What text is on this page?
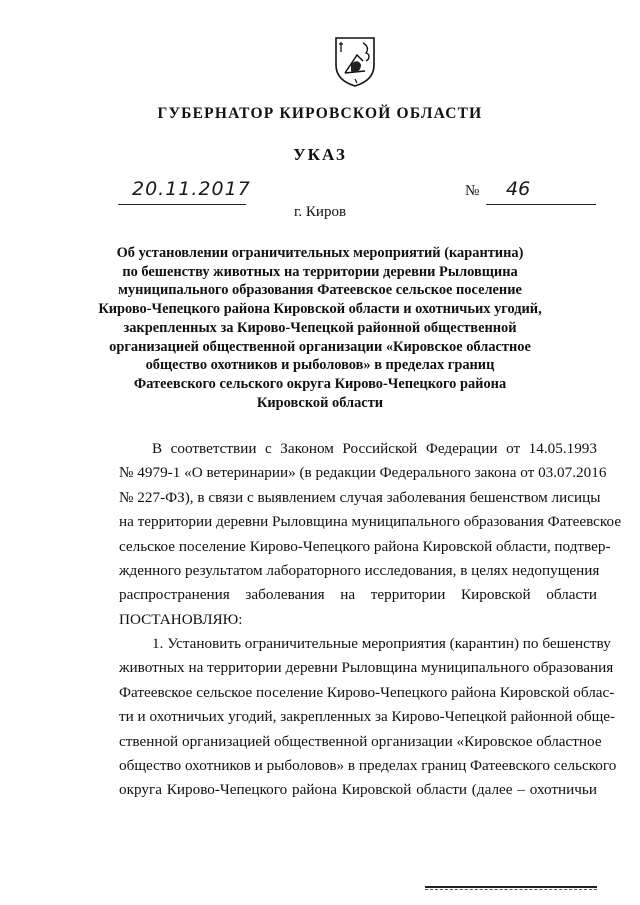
ГУБЕРНАТОР КИРОВСКОЙ ОБЛАСТИ
УКАЗ
20.11.2017	№ 46
г. Киров
Об установлении ограничительных мероприятий (карантина)
по бешенству животных на территории деревни Рыловщина
муниципального образования Фатеевское сельское поселение
Кирово-Чепецкого района Кировской области и охотничьих угодий,
закрепленных за Кирово-Чепецкой районной общественной
организацией общественной организации «Кировское областное
общество охотников и рыболовов» в пределах границ
Фатеевского сельского округа Кирово-Чепецкого района
Кировской области
В соответствии с Законом Российской Федерации от 14.05.1993
№ 4979-1 «О ветеринарии» (в редакции Федерального закона от 03.07.2016
№ 227-ФЗ), в связи с выявлением случая заболевания бешенством лисицы
на территории деревни Рыловщина муниципального образования Фатеевское
сельское поселение Кирово-Чепецкого района Кировской области, подтвер-
жденного результатом лабораторного исследования, в целях недопущения
распространения заболевания на территории Кировской области
ПОСТАНОВЛЯЮ:
1. Установить ограничительные мероприятия (карантин) по бешенству
животных на территории деревни Рыловщина муниципального образования
Фатеевское сельское поселение Кирово-Чепецкого района Кировской облас-
ти и охотничьих угодий, закрепленных за Кирово-Чепецкой районной обще-
ственной организацией общественной организации «Кировское областное
общество охотников и рыболовов» в пределах границ Фатеевского сельского
округа Кирово-Чепецкого района Кировской области (далее – охотничьи
